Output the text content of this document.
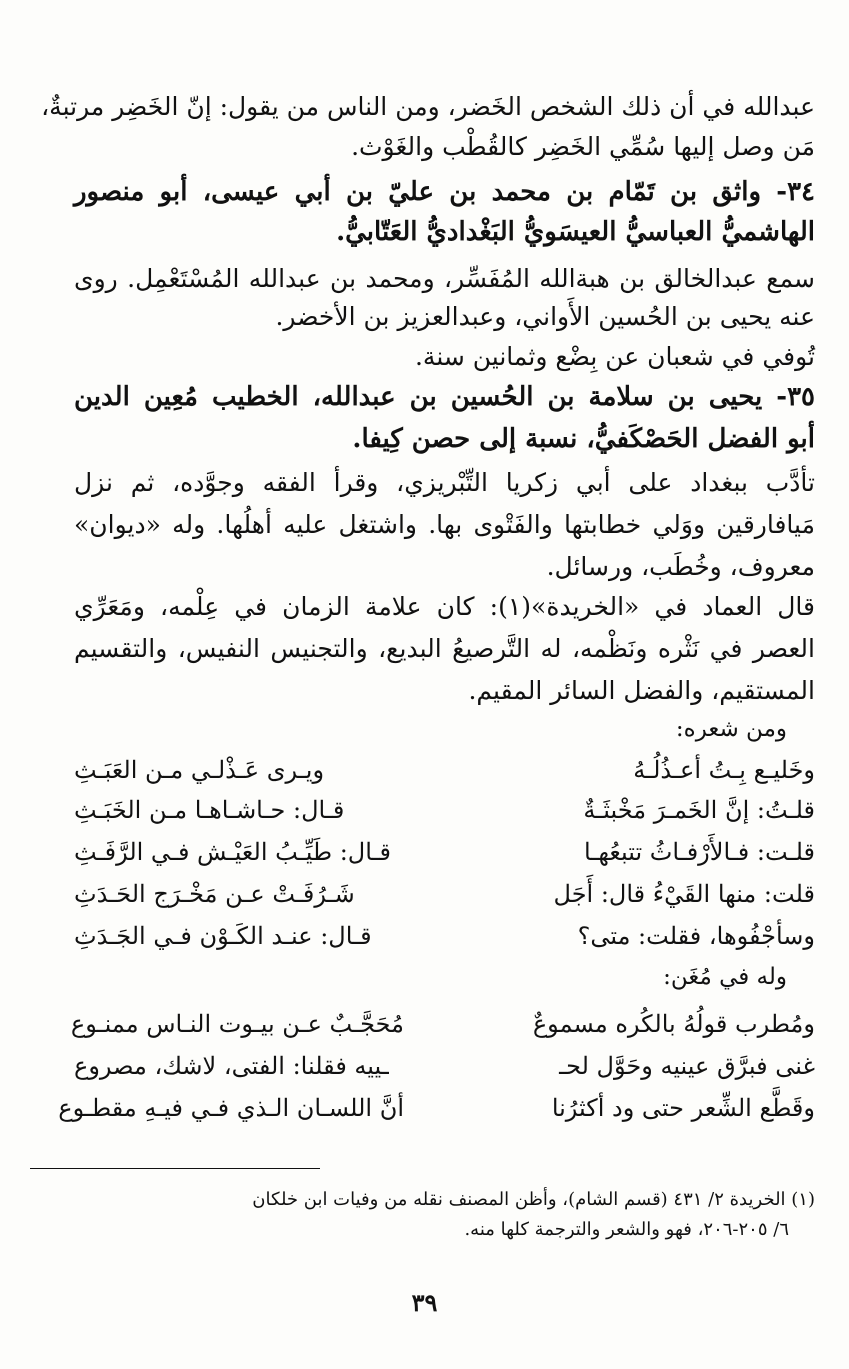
عبدالله في أن ذلك الشخص الخَضر، ومن الناس من يقول: إنّ الخَضِر مرتبةٌ،
مَن وصل إليها سُمِّي الخَضِر كالقُطْب والغَوْث.
٣٤- واثق بن تَمّام بن محمد بن عليّ بن أبي عيسى، أبو منصور
الهاشميُّ العباسيُّ العيسَويُّ البَغْداديُّ العَتّابيُّ.
سمع عبدالخالق بن هبةالله المُفَسِّر، ومحمد بن عبدالله المُسْتَعْمِل. روى
عنه يحيى بن الحُسين الأَواني، وعبدالعزيز بن الأخضر.
تُوفي في شعبان عن بِضْع وثمانين سنة.
٣٥- يحيى بن سلامة بن الحُسين بن عبدالله، الخطيب مُعِين الدين
أبو الفضل الحَصْكَفيُّ، نسبة إلى حصن كِيفا.
تأدَّب ببغداد على أبي زكريا التِّبْريزي، وقرأ الفقه وجوَّده، ثم نزل
مَيافارقين ووَلي خطابتها والفَتْوى بها. واشتغل عليه أهلُها. وله «ديوان»
معروف، وخُطَب، ورسائل.
قال العماد في «الخريدة»(١): كان علامة الزمان في عِلْمه، ومَعَرِّي
العصر في نَثْره ونَظْمه، له التَّرصيعُ البديع، والتجنيس النفيس، والتقسيم
المستقيم، والفضل السائر المقيم.
ومن شعره:
وخَليـع بِـتُ أعـذُلُـهُ
ويـرى عَـذْلـي مـن العَبَـثِ
قلـتُ: إنَّ الخَمـرَ مَخْبثَـةٌ
قـال: حـاشـاهـا مـن الخَبَـثِ
قلـت: فـالأَرْفـاثُ تتبعُهـا
قـال: طَيِّـبُ العَيْـش فـي الرَّفَـثِ
قلت: منها القَيْءُ قال: أَجَل
شَـرُفَـتْ عـن مَخْـرَج الحَـدَثِ
وسأجْفُوها، فقلت: متى؟
قـال: عنـد الكَـوْن فـي الجَـدَثِ
وله في مُغَن:
ومُطرب قولُهُ بالكُره مسموعٌ
مُحَجَّـبٌ عـن بيـوت النـاس ممنـوع
غنى فبرَّق عينيه وحَوَّل لحـ
ـييه فقلنا: الفتى، لاشك، مصروع
وقَطَّع الشِّعر حتى ود أكثرُنا
أنَّ اللسـان الـذي فـي فيـهِ مقطـوع
(١) الخريدة ٢/ ٤٣١ (قسم الشام)، وأظن المصنف نقله من وفيات ابن خلكان
٦/ ٢٠٥-٢٠٦، فهو والشعر والترجمة كلها منه.
٣٩
